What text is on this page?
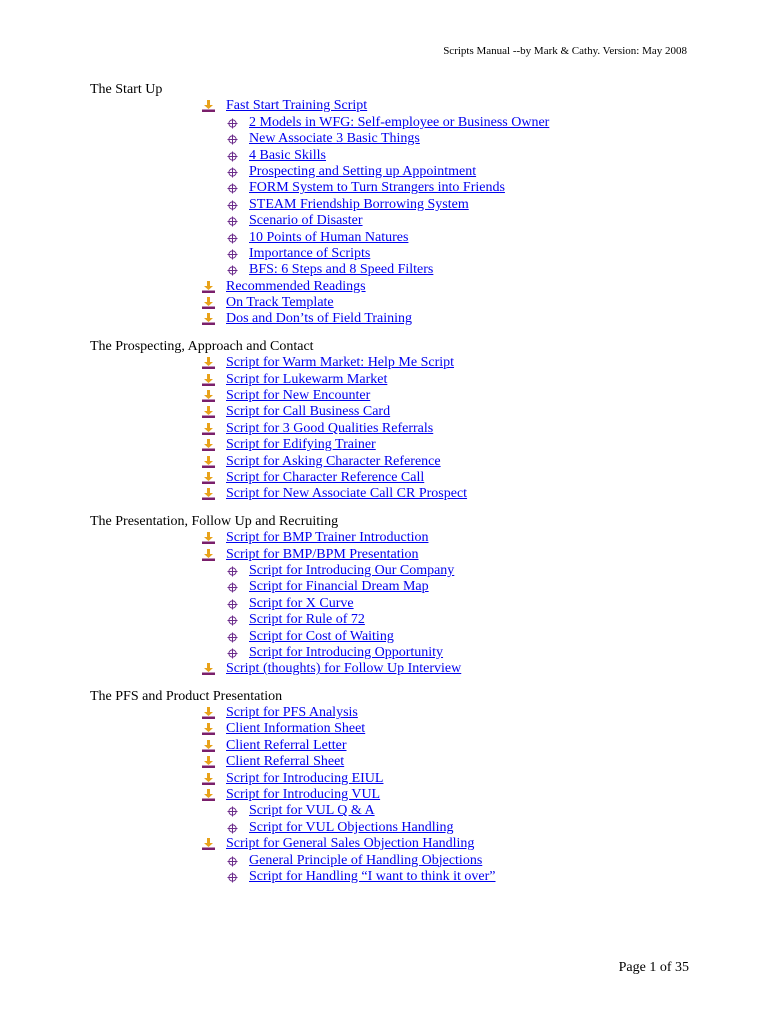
Scripts Manual --by Mark & Cathy. Version: May 2008
The Start Up
Fast Start Training Script
2 Models in WFG: Self-employee or Business Owner
New Associate 3 Basic Things
4 Basic Skills
Prospecting and Setting up Appointment
FORM System to Turn Strangers into Friends
STEAM Friendship Borrowing System
Scenario of Disaster
10 Points of Human Natures
Importance of Scripts
BFS: 6 Steps and 8 Speed Filters
Recommended Readings
On Track Template
Dos and Don’ts of Field Training
The Prospecting, Approach and Contact
Script for Warm Market: Help Me Script
Script for Lukewarm Market
Script for New Encounter
Script for Call Business Card
Script for 3 Good Qualities Referrals
Script for Edifying Trainer
Script for Asking Character Reference
Script for Character Reference Call
Script for New Associate Call CR Prospect
The Presentation, Follow Up and Recruiting
Script for BMP Trainer Introduction
Script for BMP/BPM Presentation
Script for Introducing Our Company
Script for Financial Dream Map
Script for X Curve
Script for Rule of 72
Script for Cost of Waiting
Script for Introducing Opportunity
Script (thoughts) for Follow Up Interview
The PFS and Product Presentation
Script for PFS Analysis
Client Information Sheet
Client Referral Letter
Client Referral Sheet
Script for Introducing EIUL
Script for Introducing VUL
Script for VUL Q & A
Script for VUL Objections Handling
Script for General Sales Objection Handling
General Principle of Handling Objections
Script for Handling “I want to think it over”
Page 1 of 35
